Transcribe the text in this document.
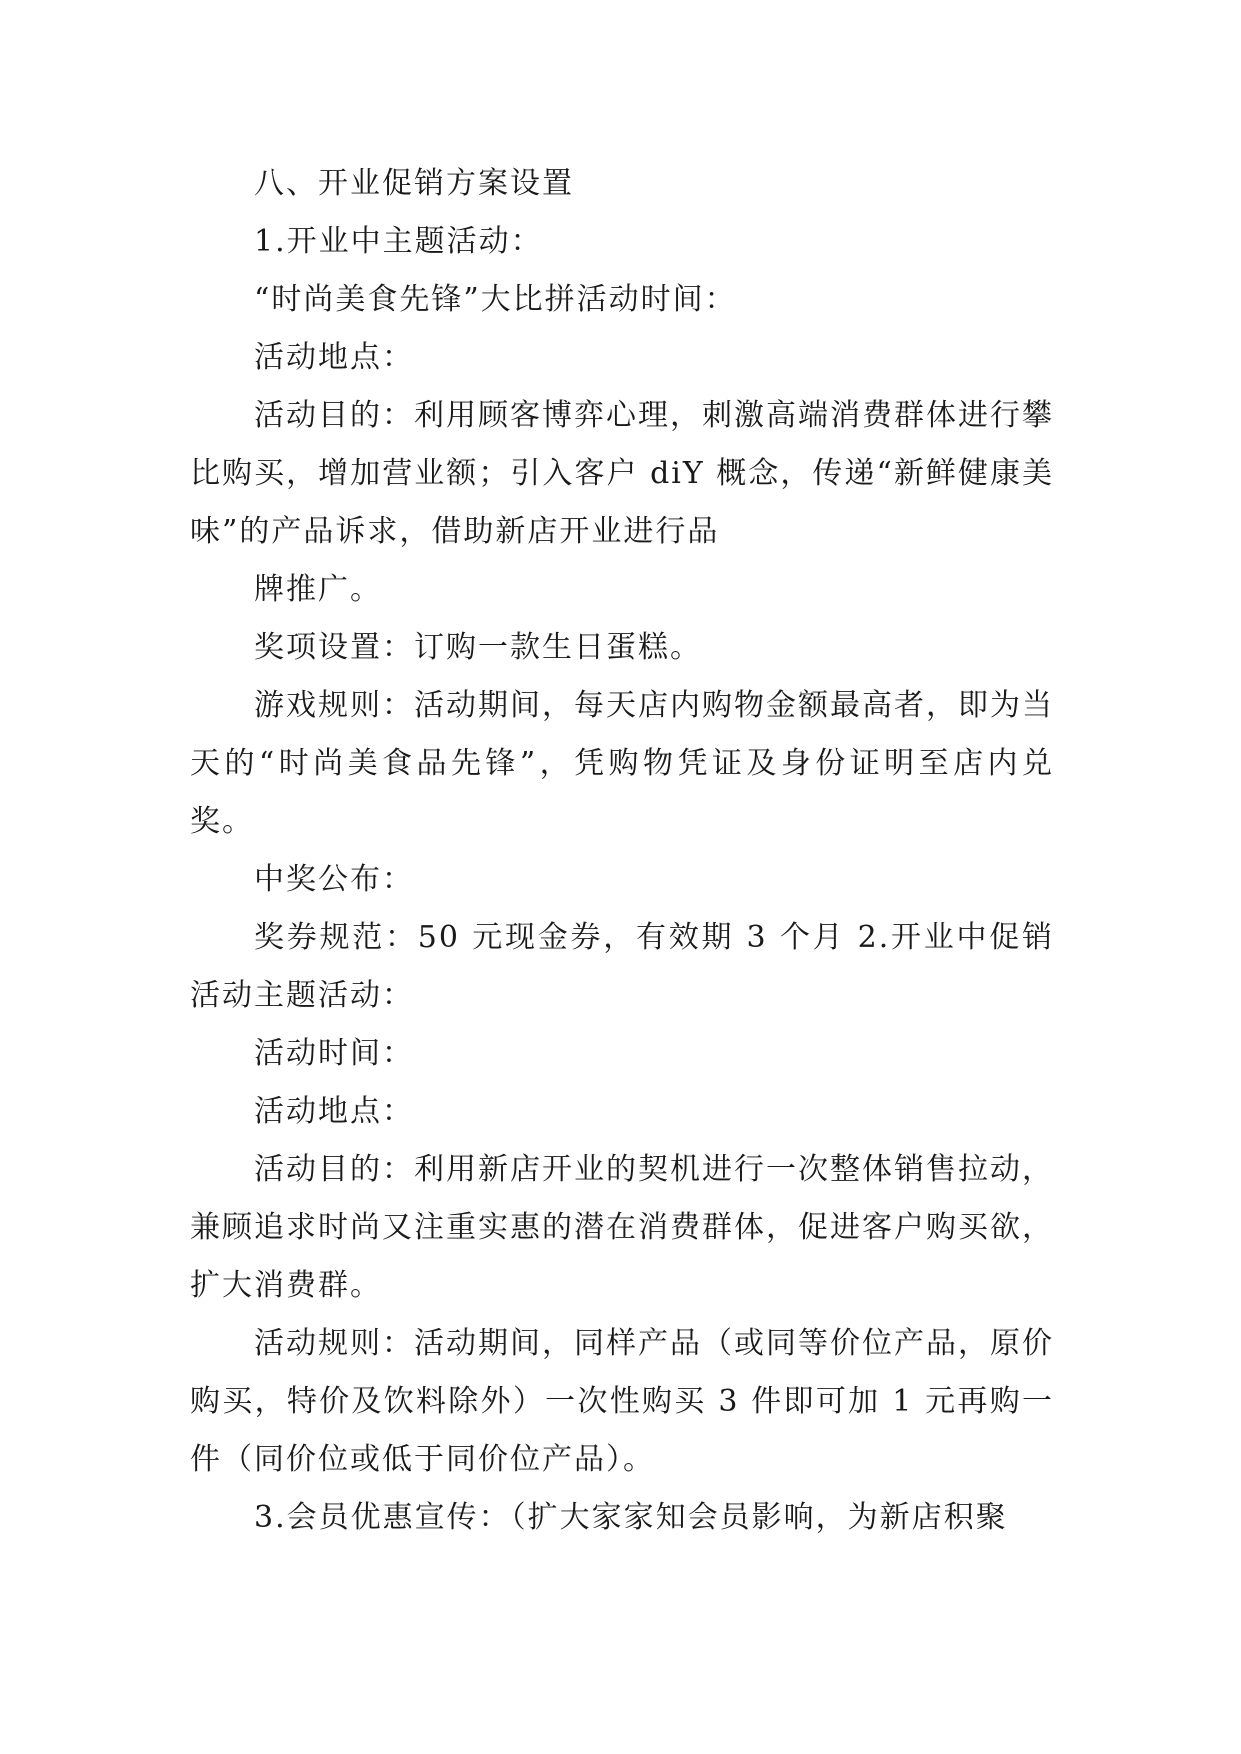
八、开业促销方案设置

1.开业中主题活动：

“时尚美食先锋”大比拼活动时间：

活动地点：

活动目的：利用顾客博弈心理，刺激高端消费群体进行攀比购买，增加营业额；引入客户 diY 概念，传递“新鲜健康美味”的产品诉求，借助新店开业进行品

牌推广。

奖项设置：订购一款生日蛋糕。

游戏规则：活动期间，每天店内购物金额最高者，即为当天的“时尚美食品先锋”，凭购物凭证及身份证明至店内兑奖。

中奖公布：

奖券规范：50 元现金券，有效期 3 个月 2.开业中促销活动主题活动：

活动时间：

活动地点：

活动目的：利用新店开业的契机进行一次整体销售拉动，兼顾追求时尚又注重实惠的潜在消费群体，促进客户购买欲，扩大消费群。

活动规则：活动期间，同样产品（或同等价位产品，原价购买，特价及饮料除外）一次性购买 3 件即可加 1 元再购一件（同价位或低于同价位产品）。

3.会员优惠宣传：（扩大家家知会员影响，为新店积聚
